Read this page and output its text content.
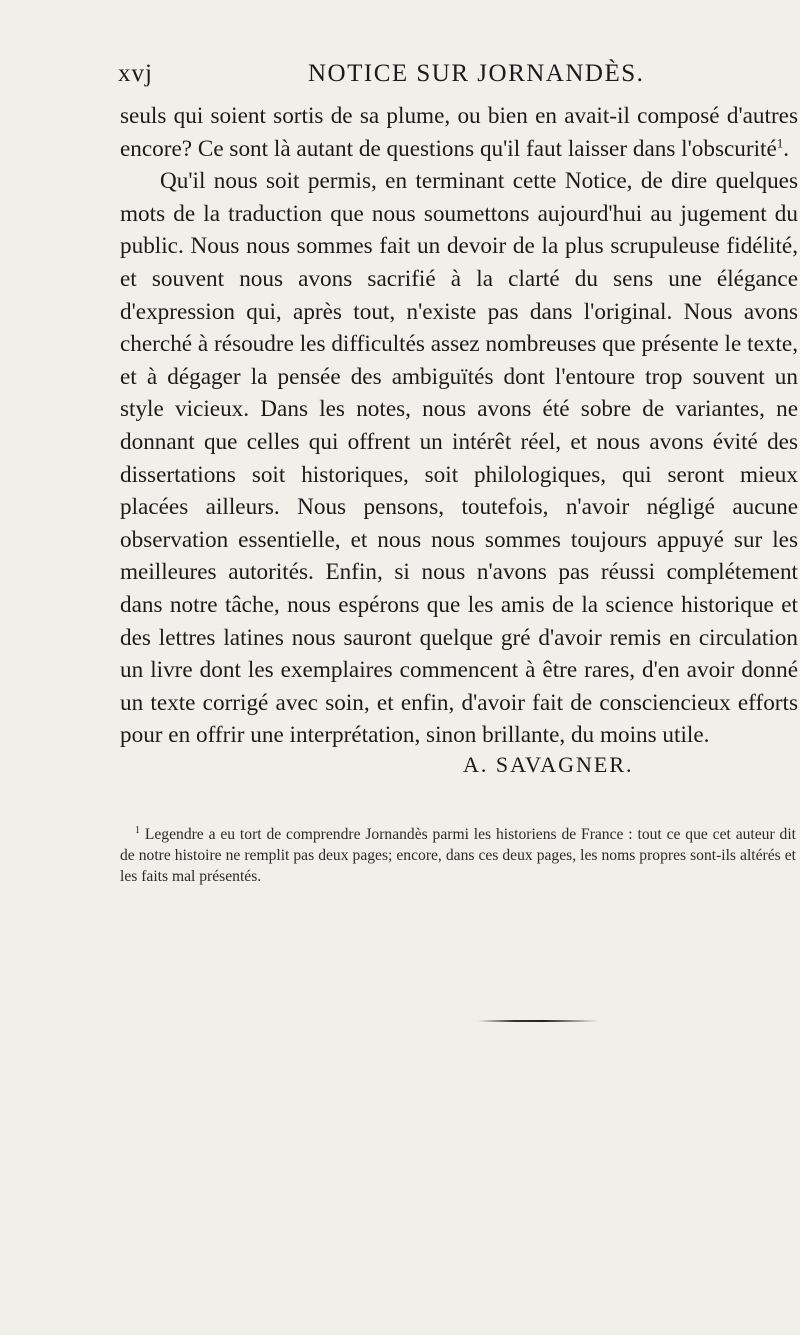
xvj	NOTICE SUR JORNANDÈS.

seuls qui soient sortis de sa plume, ou bien en avait-il composé d'autres encore? Ce sont là autant de questions qu'il faut laisser dans l'obscurité$^1$.

Qu'il nous soit permis, en terminant cette Notice, de dire quelques mots de la traduction que nous soumettons aujourd'hui au jugement du public. Nous nous sommes fait un devoir de la plus scrupuleuse fidélité, et souvent nous avons sacrifié à la clarté du sens une élégance d'expression qui, après tout, n'existe pas dans l'original. Nous avons cherché à résoudre les difficultés assez nombreuses que présente le texte, et à dégager la pensée des ambiguïtés dont l'entoure trop souvent un style vicieux. Dans les notes, nous avons été sobre de variantes, ne donnant que celles qui offrent un intérêt réel, et nous avons évité des dissertations soit historiques, soit philologiques, qui seront mieux placées ailleurs. Nous pensons, toutefois, n'avoir négligé aucune observation essentielle, et nous nous sommes toujours appuyé sur les meilleures autorités. Enfin, si nous n'avons pas réussi complétement dans notre tâche, nous espérons que les amis de la science historique et des lettres latines nous sauront quelque gré d'avoir remis en circulation un livre dont les exemplaires commencent à être rares, d'en avoir donné un texte corrigé avec soin, et enfin, d'avoir fait de consciencieux efforts pour en offrir une interprétation, sinon brillante, du moins utile.

A. SAVAGNER.
$^1$ Legendre a eu tort de comprendre Jornandès parmi les historiens de France : tout ce que cet auteur dit de notre histoire ne remplit pas deux pages; encore, dans ces deux pages, les noms propres sont-ils altérés et les faits mal présentés.
